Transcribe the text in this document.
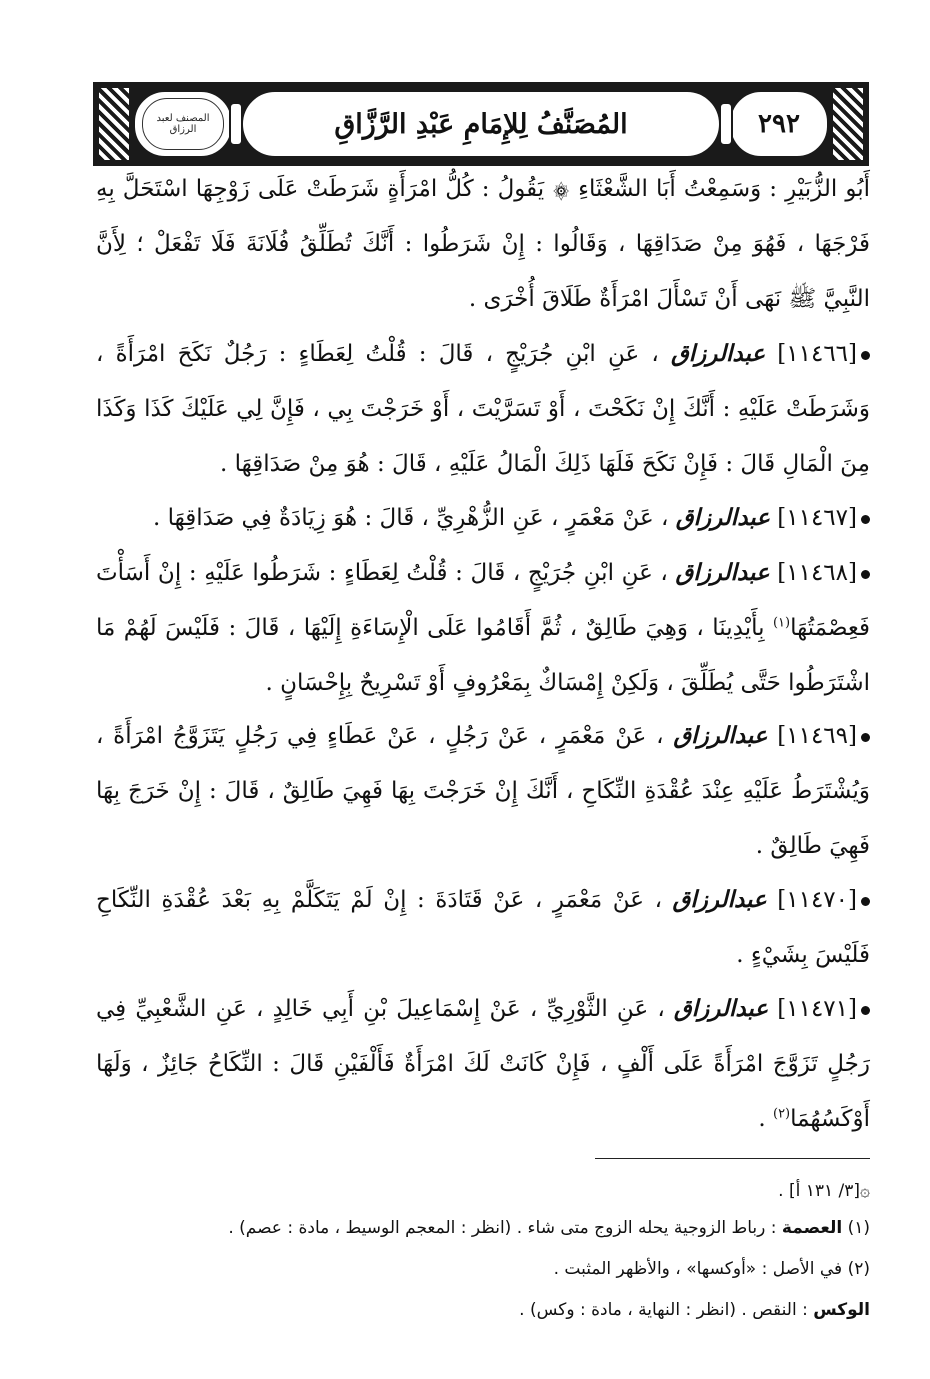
المصنف لعبد الرزاق	٢٩٢
المُصَنَّفُ لِلإِمَامِ عَبْدِ الرَّزَّاقِ
أَبُو الزُّبَيْرِ : وَسَمِعْتُ أَبَا الشَّعْثَاءِ ۞ يَقُولُ : كُلُّ امْرَأَةٍ شَرَطَتْ عَلَى زَوْجِهَا اسْتَحَلَّ بِهِ فَرْجَهَا ، فَهُوَ مِنْ صَدَاقِهَا ، وَقَالُوا : إِنْ شَرَطُوا : أَنَّكَ تُطَلِّقُ فُلَانَةَ فَلَا تَفْعَلْ ؛ لِأَنَّ النَّبِيَّ ﷺ نَهَى أَنْ تَسْأَلَ امْرَأَةٌ طَلَاقَ أُخْرَى .
[١١٤٦٦] عبدالرزاق ، عَنِ ابْنِ جُرَيْجٍ ، قَالَ : قُلْتُ لِعَطَاءٍ : رَجُلٌ نَكَحَ امْرَأَةً ، وَشَرَطَتْ عَلَيْهِ : أَنَّكَ إِنْ نَكَحْتَ ، أَوْ تَسَرَّيْتَ ، أَوْ خَرَجْتَ بِي ، فَإِنَّ لِي عَلَيْكَ كَذَا وَكَذَا مِنَ الْمَالِ قَالَ : فَإِنْ نَكَحَ فَلَهَا ذَلِكَ الْمَالُ عَلَيْهِ ، قَالَ : هُوَ مِنْ صَدَاقِهَا .
[١١٤٦٧] عبدالرزاق ، عَنْ مَعْمَرٍ ، عَنِ الزُّهْرِيِّ ، قَالَ : هُوَ زِيَادَةٌ فِي صَدَاقِهَا .
[١١٤٦٨] عبدالرزاق ، عَنِ ابْنِ جُرَيْجٍ ، قَالَ : قُلْتُ لِعَطَاءٍ : شَرَطُوا عَلَيْهِ : إِنْ أَسَأْتَ فَعِصْمَتُهَا$^{(١)}$ بِأَيْدِينَا ، وَهِيَ طَالِقٌ ، ثُمَّ أَقَامُوا عَلَى الْإِسَاءَةِ إِلَيْهَا ، قَالَ : فَلَيْسَ لَهُمْ مَا اشْتَرَطُوا حَتَّى يُطَلِّقَ ، وَلَكِنْ إِمْسَاكٌ بِمَعْرُوفٍ أَوْ تَسْرِيحٌ بِإِحْسَانٍ .
[١١٤٦٩] عبدالرزاق ، عَنْ مَعْمَرٍ ، عَنْ رَجُلٍ ، عَنْ عَطَاءٍ فِي رَجُلٍ يَتَزَوَّجُ امْرَأَةً ، وَيُشْتَرَطُ عَلَيْهِ عِنْدَ عُقْدَةِ النِّكَاحِ ، أَنَّكَ إِنْ خَرَجْتَ بِهَا فَهِيَ طَالِقٌ ، قَالَ : إِنْ خَرَجَ بِهَا فَهِيَ طَالِقٌ .
[١١٤٧٠] عبدالرزاق ، عَنْ مَعْمَرٍ ، عَنْ قَتَادَةَ : إِنْ لَمْ يَتَكَلَّمْ بِهِ بَعْدَ عُقْدَةِ النِّكَاحِ فَلَيْسَ بِشَيْءٍ .
[١١٤٧١] عبدالرزاق ، عَنِ الثَّوْرِيِّ ، عَنْ إِسْمَاعِيلَ بْنِ أَبِي خَالِدٍ ، عَنِ الشَّعْبِيِّ فِي رَجُلٍ تَزَوَّجَ امْرَأَةً عَلَى أَلْفٍ ، فَإِنْ كَانَتْ لَكَ امْرَأَةٌ فَأَلْفَيْنِ قَالَ : النِّكَاحُ جَائِزٌ ، وَلَهَا أَوْكَسُهُمَا$^{(٢)}$ .
۞[٣/ ١٣١ أ] .
(١) العصمة : رباط الزوجية يحله الزوج متى شاء . (انظر : المعجم الوسيط ، مادة : عصم) .
(٢) في الأصل : «أوكسها» ، والأظهر المثبت .
الوكس : النقص . (انظر : النهاية ، مادة : وكس) .
